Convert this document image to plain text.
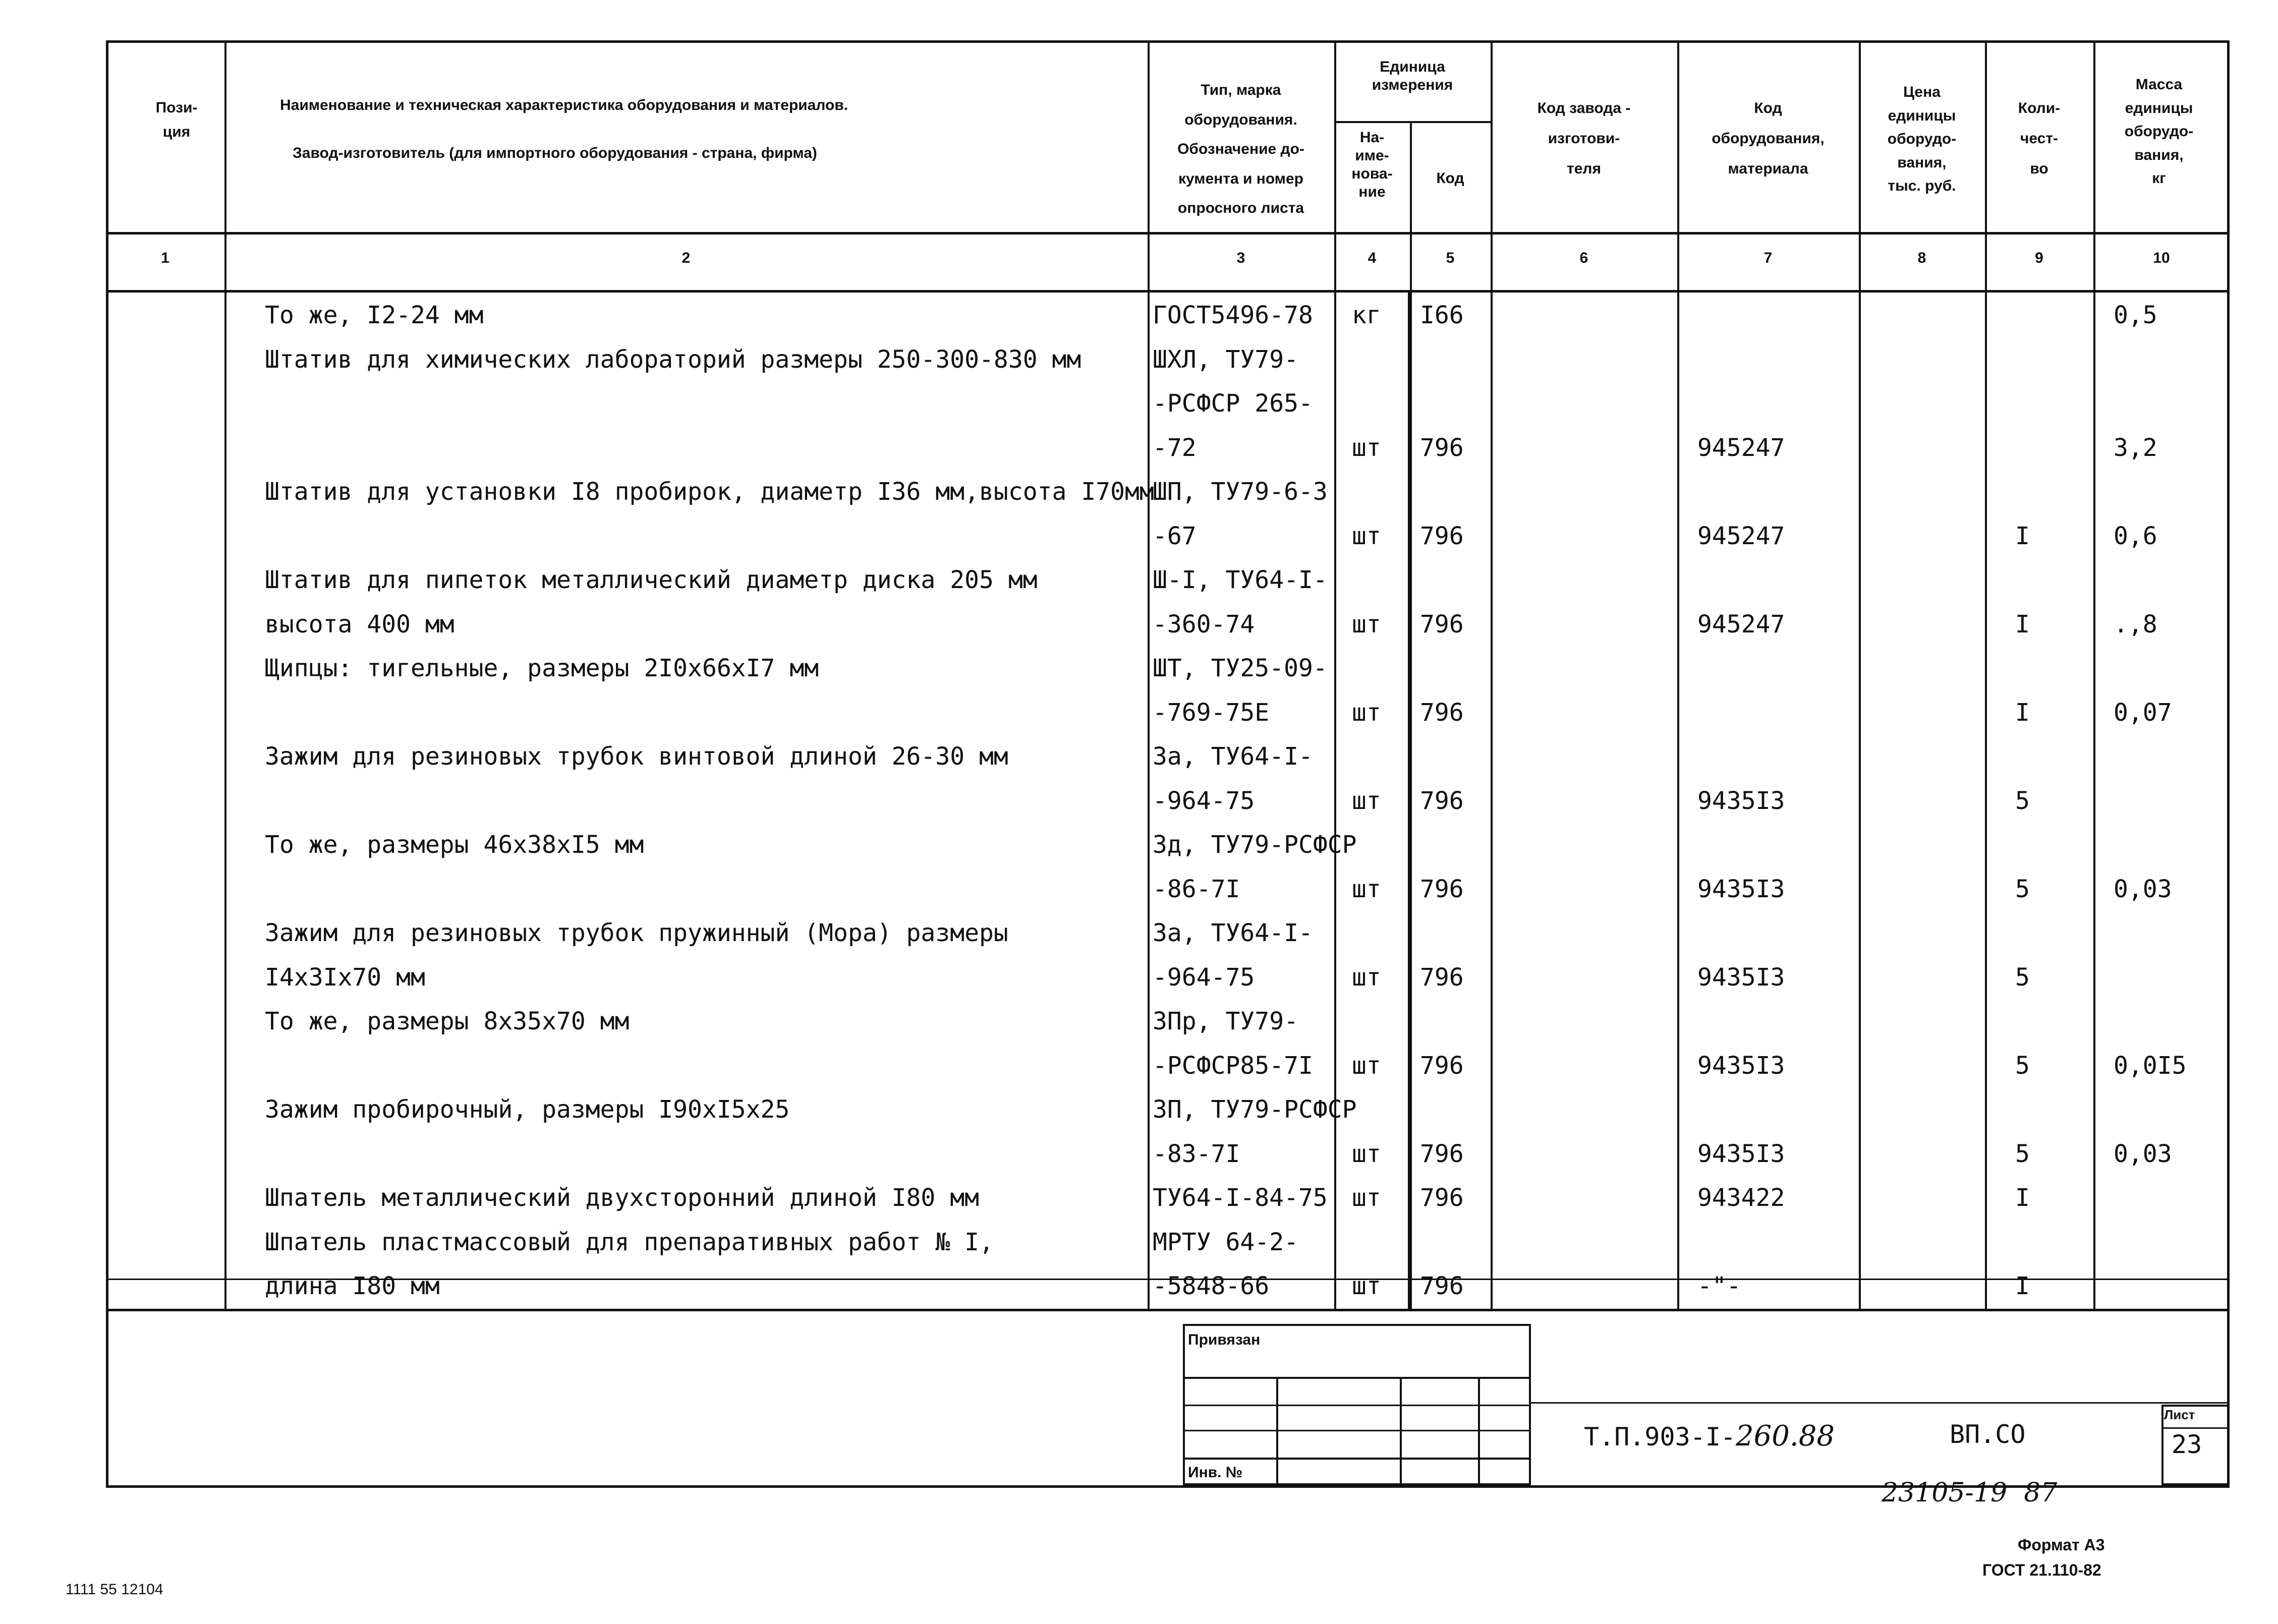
Пози-
ция
Наименование и техническая характеристика оборудования и материалов.
Завод-изготовитель (для импортного оборудования - страна, фирма)
Тип, марка
оборудования.
Обозначение до-
кумента и номер
опросного листа
Единица
измерения
На-
име-
нова-
ние
Код
Код завода -
изготови-
теля
Код
оборудования,
материала
Цена
единицы
оборудо-
вания,
тыс. руб.
Коли-
чест-
во
Масса
единицы
оборудо-
вания,
кг
1	2	3	4	5	6	7	8	9	10
То же, I2-24 мм	ГОСТ5496-78 кг I66	0,5
Штатив для химических лабораторий размеры 250-300-830 мм	ШХЛ, ТУ79-
-РСФСР 265-
-72	шт 796	945247	3,2
Штатив для установки I8 пробирок, диаметр I36 мм,высота I70мм
ШП, ТУ79-6-3
-67	шт 796	945247	I	0,6
Штатив для пипеток металлический диаметр диска 205 мм	Ш-I, ТУ64-I-
высота 400 мм	-360-74	шт 796	945247	I	.,8
Щипцы: тигельные, размеры 2I0х66хI7 мм	ШТ, ТУ25-09-
-769-75Е	шт 796	I	0,07
Зажим для резиновых трубок винтовой длиной 26-30 мм	За, ТУ64-I-
-964-75	шт 796	9435I3	5
То же, размеры 46х38хI5 мм	Зд, ТУ79-РСФСР
-86-7I	шт 796	9435I3	5	0,03
Зажим для резиновых трубок пружинный (Мора) размеры	За, ТУ64-I-
I4х3Iх70 мм	-964-75	шт 796	9435I3	5
То же, размеры 8х35х70 мм	ЗПр, ТУ79-
-РСФСР85-7I шт 796	9435I3	5	0,0I5
Зажим пробирочный, размеры I90хI5х25	ЗП, ТУ79-РСФСР
-83-7I	шт 796	9435I3	5	0,03
Шпатель металлический двухсторонний длиной I80 мм	ТУ64-I-84-75 шт 796	943422	I
Шпатель пластмассовый для препаративных работ № I,	МРТУ 64-2-
длина I80 мм	-5848-66	шт 796	-"-	I
Привязан
Инв. №
Т.П.903-I-260.88	ВП.СО
Лист
23
23105-19  87
Формат А3
ГОСТ 21.110-82
1111 55 12104
